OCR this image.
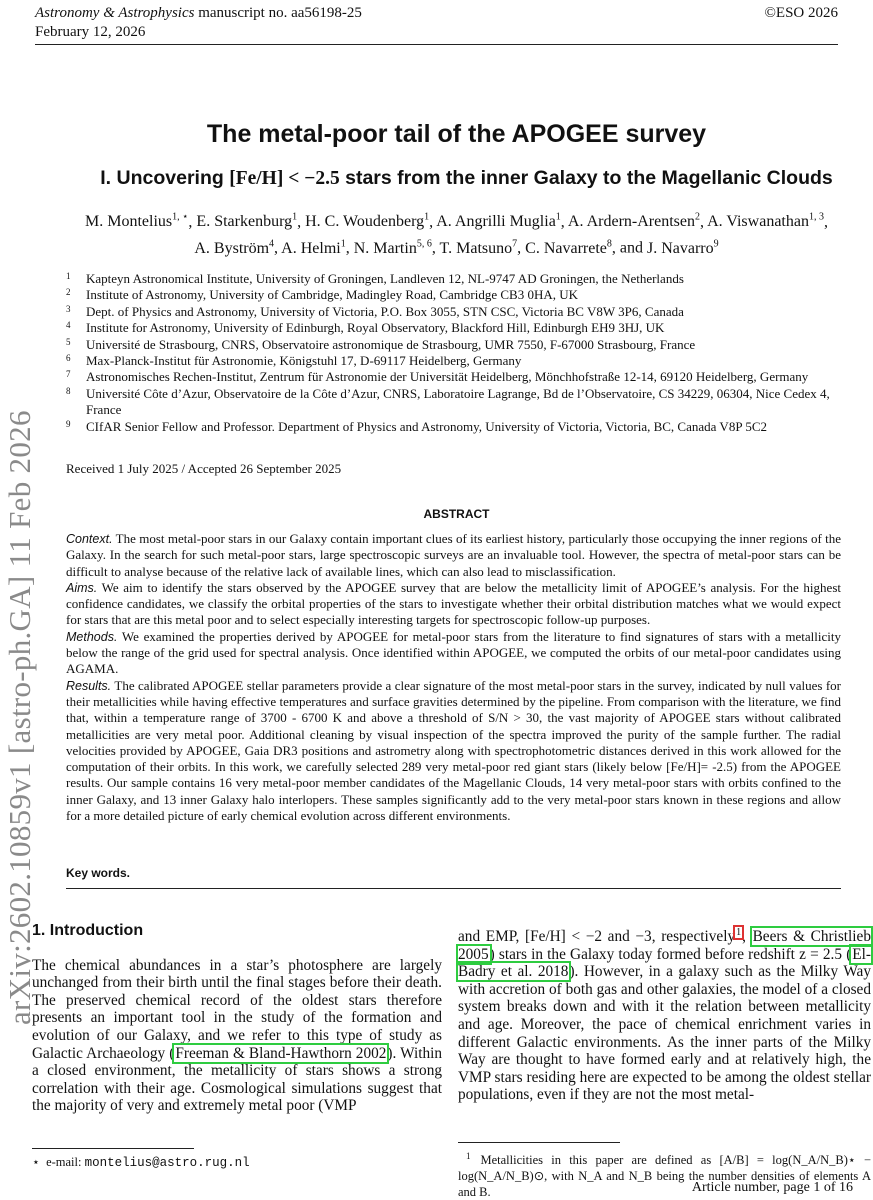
Astronomy & Astrophysics manuscript no. aa56198-25
February 12, 2026
©ESO 2026
arXiv:2602.10859v1 [astro-ph.GA] 11 Feb 2026
The metal-poor tail of the APOGEE survey
I. Uncovering [Fe/H] < −2.5 stars from the inner Galaxy to the Magellanic Clouds
M. Montelius$^{1, ⋆}$, E. Starkenburg$^1$, H. C. Woudenberg$^1$, A. Angrilli Muglia$^1$, A. Ardern-Arentsen$^2$, A. Viswanathan$^{1, 3}$,
A. Byström$^4$, A. Helmi$^1$, N. Martin$^{5, 6}$, T. Matsuno$^7$, C. Navarrete$^8$, and J. Navarro$^9$
1 Kapteyn Astronomical Institute, University of Groningen, Landleven 12, NL-9747 AD Groningen, the Netherlands
2 Institute of Astronomy, University of Cambridge, Madingley Road, Cambridge CB3 0HA, UK
3 Dept. of Physics and Astronomy, University of Victoria, P.O. Box 3055, STN CSC, Victoria BC V8W 3P6, Canada
4 Institute for Astronomy, University of Edinburgh, Royal Observatory, Blackford Hill, Edinburgh EH9 3HJ, UK
5 Université de Strasbourg, CNRS, Observatoire astronomique de Strasbourg, UMR 7550, F-67000 Strasbourg, France
6 Max-Planck-Institut für Astronomie, Königstuhl 17, D-69117 Heidelberg, Germany
7 Astronomisches Rechen-Institut, Zentrum für Astronomie der Universität Heidelberg, Mönchhofstraße 12-14, 69120 Heidelberg, Germany
8 Université Côte d’Azur, Observatoire de la Côte d’Azur, CNRS, Laboratoire Lagrange, Bd de l’Observatoire, CS 34229, 06304, Nice Cedex 4, France
9 CIfAR Senior Fellow and Professor. Department of Physics and Astronomy, University of Victoria, Victoria, BC, Canada V8P 5C2
Received 1 July 2025 / Accepted 26 September 2025
ABSTRACT

Context. The most metal-poor stars in our Galaxy contain important clues of its earliest history, particularly those occupying the inner regions of the Galaxy. In the search for such metal-poor stars, large spectroscopic surveys are an invaluable tool. However, the spectra of metal-poor stars can be difficult to analyse because of the relative lack of available lines, which can also lead to misclassification.

Aims. We aim to identify the stars observed by the APOGEE survey that are below the metallicity limit of APOGEE’s analysis. For the highest confidence candidates, we classify the orbital properties of the stars to investigate whether their orbital distribution matches what we would expect for stars that are this metal poor and to select especially interesting targets for spectroscopic follow-up purposes.

Methods. We examined the properties derived by APOGEE for metal-poor stars from the literature to find signatures of stars with a metallicity below the range of the grid used for spectral analysis. Once identified within APOGEE, we computed the orbits of our metal-poor candidates using AGAMA.

Results. The calibrated APOGEE stellar parameters provide a clear signature of the most metal-poor stars in the survey, indicated by null values for their metallicities while having effective temperatures and surface gravities determined by the pipeline. From comparison with the literature, we find that, within a temperature range of 3700 - 6700 K and above a threshold of S/N > 30, the vast majority of APOGEE stars without calibrated metallicities are very metal poor. Additional cleaning by visual inspection of the spectra improved the purity of the sample further. The radial velocities provided by APOGEE, Gaia DR3 positions and astrometry along with spectrophotometric distances derived in this work allowed for the computation of their orbits. In this work, we carefully selected 289 very metal-poor red giant stars (likely below [Fe/H]= -2.5) from the APOGEE results. Our sample contains 16 very metal-poor member candidates of the Magellanic Clouds, 14 very metal-poor stars with orbits confined to the inner Galaxy, and 13 inner Galaxy halo interlopers. These samples significantly add to the very metal-poor stars known in these regions and allow for a more detailed picture of early chemical evolution across different environments.

Key words.

1. Introduction

The chemical abundances in a star’s photosphere are largely unchanged from their birth until the final stages before their death. The preserved chemical record of the oldest stars therefore presents an important tool in the study of the formation and evolution of our Galaxy, and we refer to this type of study as Galactic Archaeology (Freeman & Bland-Hawthorn 2002). Within a closed environment, the metallicity of stars shows a strong correlation with their age. Cosmological simulations suggest that the majority of very and extremely metal poor (VMP

and EMP, [Fe/H] < −2 and −3, respectively$^1$, Beers & Christlieb 2005) stars in the Galaxy today formed before redshift z = 2.5 (El-Badry et al. 2018). However, in a galaxy such as the Milky Way with accretion of both gas and other galaxies, the model of a closed system breaks down and with it the relation between metallicity and age. Moreover, the pace of chemical enrichment varies in different Galactic environments. As the inner parts of the Milky Way are thought to have formed early and at relatively high, the VMP stars residing here are expected to be among the oldest stellar populations, even if they are not the most metal-

⋆ e-mail: montelius@astro.rug.nl	$^1$ Metallicities in this paper are defined as [A/B] = log(N_A/N_B)⋆ − log(N_A/N_B)⊙, with N_A and N_B being the number densities of elements A and B.	Article number, page 1 of 16
